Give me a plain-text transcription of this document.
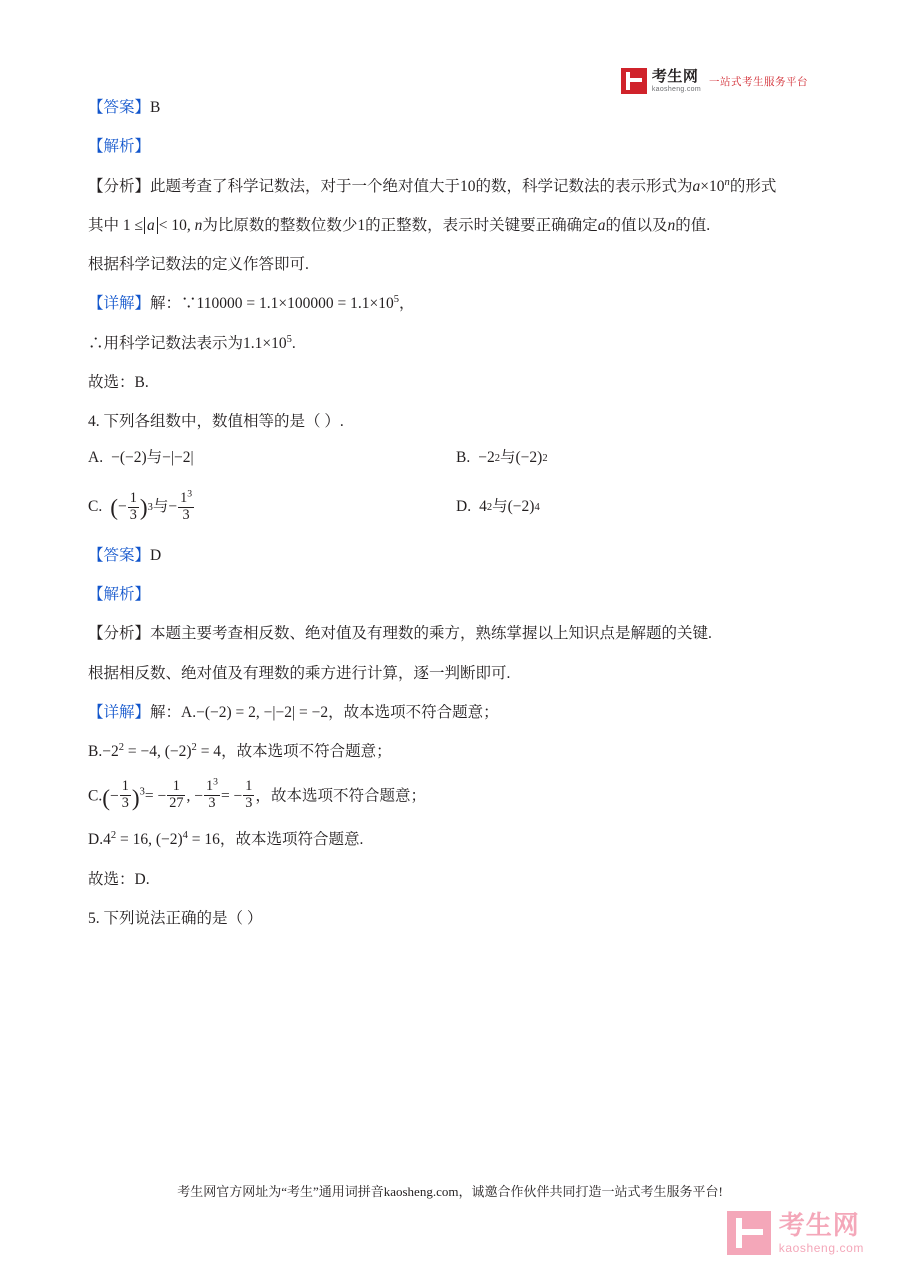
考生网
kaosheng.com
一站式考生服务平台

【答案】B

【解析】

【分析】此题考查了科学记数法，对于一个绝对值大于10的数，科学记数法的表示形式为$a\times 10^n$的形式

其中 1 ≤ a < 10, n为比原数的整数位数少1的正整数，表示时关键要正确确定a的值以及n的值.

根据科学记数法的定义作答即可.

【详解】解：∵110000 = $1.1\times 100000 = 1.1\times 10^5$，

∴用科学记数法表示为$1.1\times 10^5$.

故选：B.

4. 下列各组数中，数值相等的是（ ）.

A. −(−2) 与 −|−2|	B. −2 2 与 (−2) 2
C. ( − $\frac{1}{3}$ ) 3 与 − $\frac{1^3}{3}$	D. 4 2 与 (−2) 4

【答案】D

【解析】

【分析】本题主要考查相反数、绝对值及有理数的乘方，熟练掌握以上知识点是解题的关键.

根据相反数、绝对值及有理数的乘方进行计算，逐一判断即可.

【详解】解：A.−(−2) = 2, −|−2| = −2，故本选项不符合题意；

$B.-2^2 = -4$, $(-2)^2 = 4$，故本选项不符合题意；

$C.(- \frac{1}{3} )^3= - \frac{1}{27}$ , − $\frac{1^3}{3}$ = − $\frac{1}{3}$ ，故本选项不符合题意；

$D.4^2 = 16$, $(-2)^4 = 16$，故本选项符合题意.

故选：D.

5. 下列说法正确的是（ ）

考生网官方网址为“考生”通用词拼音kaosheng.com，诚邀合作伙伴共同打造一站式考生服务平台!
考生网
kaosheng.com
